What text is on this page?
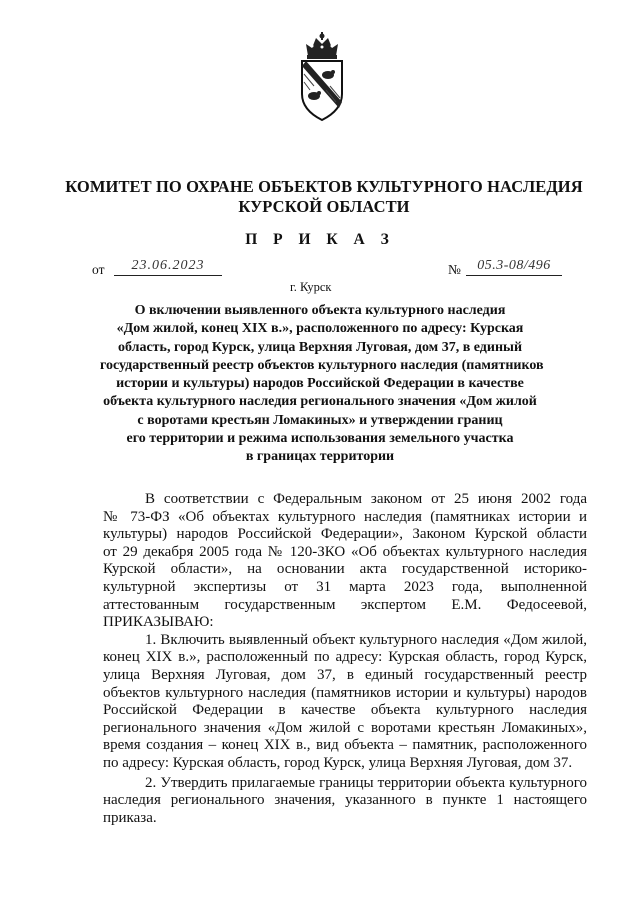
КОМИТЕТ ПО ОХРАНЕ ОБЪЕКТОВ КУЛЬТУРНОГО НАСЛЕДИЯ
КУРСКОЙ ОБЛАСТИ
П Р И К А З
от	23.06.2023	№	05.3-08/496
г. Курск
О включении выявленного объекта культурного наследия
«Дом жилой, конец XIX в.», расположенного по адресу: Курская
область, город Курск, улица Верхняя Луговая, дом 37, в единый
государственный реестр объектов культурного наследия (памятников
истории и культуры) народов Российской Федерации в качестве
объекта культурного наследия регионального значения «Дом жилой
с воротами крестьян Ломакиных» и утверждении границ
его территории и режима использования земельного участка
в границах территории
В соответствии с Федеральным законом от 25 июня 2002 года
№ 73-ФЗ «Об объектах культурного наследия (памятниках истории и
культуры) народов Российской Федерации», Законом Курской области
от 29 декабря 2005 года № 120-ЗКО «Об объектах культурного наследия
Курской области», на основании акта государственной историко-
культурной экспертизы от 31 марта 2023 года, выполненной
аттестованным государственным экспертом Е.М. Федосеевой,
ПРИКАЗЫВАЮ:
1. Включить выявленный объект культурного наследия «Дом жилой,
конец XIX в.», расположенный по адресу: Курская область, город Курск,
улица Верхняя Луговая, дом 37, в единый государственный реестр
объектов культурного наследия (памятников истории и культуры) народов
Российской Федерации в качестве объекта культурного наследия
регионального значения «Дом жилой с воротами крестьян Ломакиных»,
время создания – конец XIX в., вид объекта – памятник, расположенного
по адресу: Курская область, город Курск, улица Верхняя Луговая, дом 37.
2. Утвердить прилагаемые границы территории объекта культурного
наследия регионального значения, указанного в пункте 1 настоящего
приказа.
